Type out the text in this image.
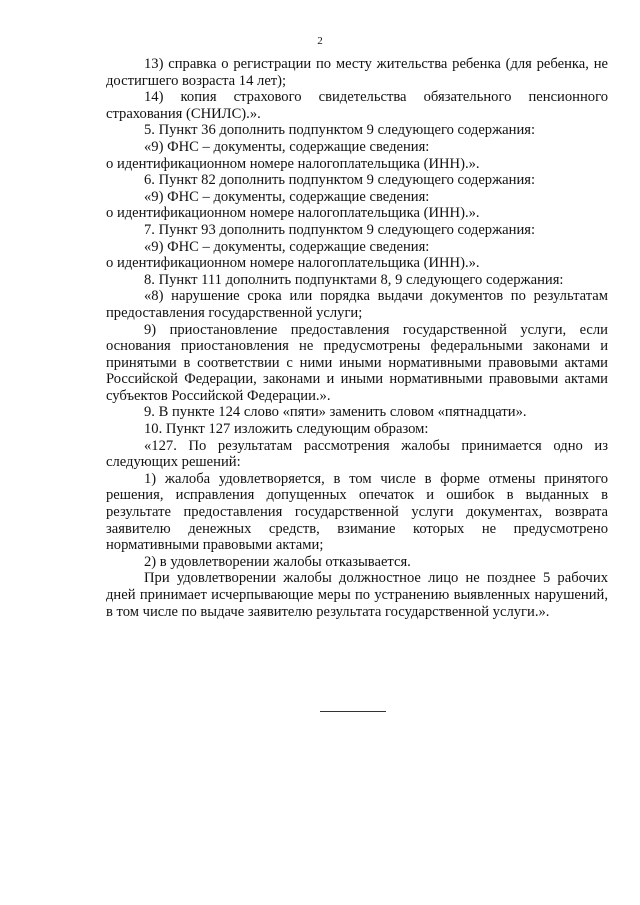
2

13) справка о регистрации по месту жительства ребенка (для ребенка, не достигшего возраста 14 лет);

14) копия страхового свидетельства обязательного пенсионного страхования (СНИЛС).».

5. Пункт 36 дополнить подпунктом 9 следующего содержания:

«9) ФНС – документы, содержащие сведения:

о идентификационном номере налогоплательщика (ИНН).».

6. Пункт 82 дополнить подпунктом 9 следующего содержания:

«9) ФНС – документы, содержащие сведения:

о идентификационном номере налогоплательщика (ИНН).».

7. Пункт 93 дополнить подпунктом 9 следующего содержания:

«9) ФНС – документы, содержащие сведения:

о идентификационном номере налогоплательщика (ИНН).».

8. Пункт 111 дополнить подпунктами 8, 9 следующего содержания:

«8) нарушение срока или порядка выдачи документов по результатам предоставления государственной услуги;

9) приостановление предоставления государственной услуги, если основания приостановления не предусмотрены федеральными законами и принятыми в соответствии с ними иными нормативными правовыми актами Российской Федерации, законами и иными нормативными правовыми актами субъектов Российской Федерации.».

9. В пункте 124 слово «пяти» заменить словом «пятнадцати».

10. Пункт 127 изложить следующим образом:

«127. По результатам рассмотрения жалобы принимается одно из следующих решений:

1) жалоба удовлетворяется, в том числе в форме отмены принятого решения, исправления допущенных опечаток и ошибок в выданных в результате предоставления государственной услуги документах, возврата заявителю денежных средств, взимание которых не предусмотрено нормативными правовыми актами;

2) в удовлетворении жалобы отказывается.

При удовлетворении жалобы должностное лицо не позднее 5 рабочих дней принимает исчерпывающие меры по устранению выявленных нарушений, в том числе по выдаче заявителю результата государственной услуги.».
